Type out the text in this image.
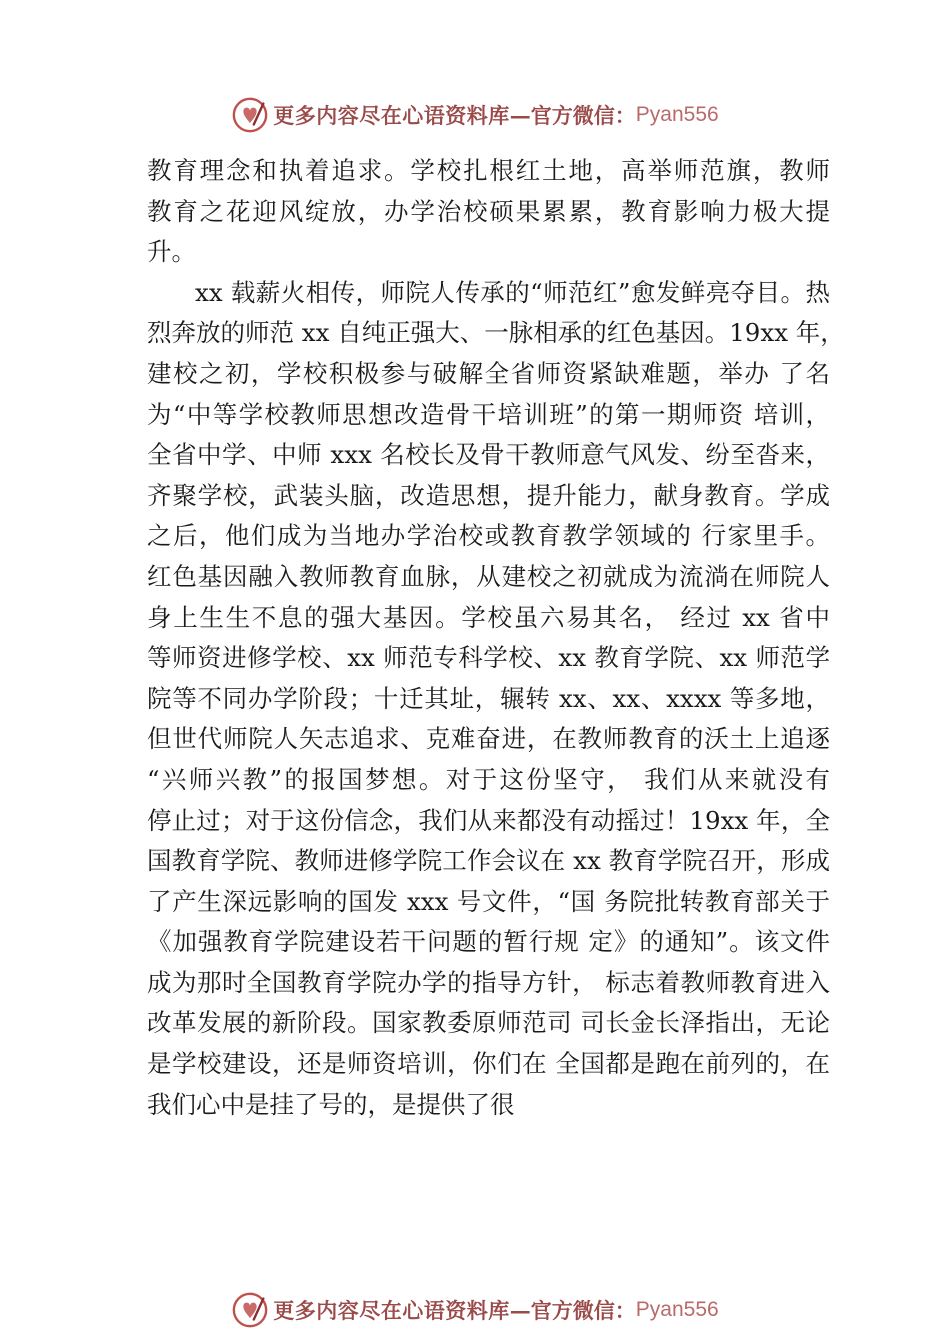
更多内容尽在心语资料库 —官方微信： Pyan556
教育理念和执着追求。学校扎根红土地，高举师范旗，教师
教育之花迎风绽放，办学治校硕果累累，教育影响力极大提
升。
xx 载薪火相传，师院人传承的“师范红”愈发鲜亮夺目。热
烈奔放的师范 xx 自纯正强大、一脉相承的红色基因。19xx 年，
建校之初，学校积极参与破解全省师资紧缺难题，举办 了名
为“中等学校教师思想改造骨干培训班”的第一期师资 培训，
全省中学、中师 xxx 名校长及骨干教师意气风发、纷至沓来，
齐聚学校，武装头脑，改造思想，提升能力，献身教育。学成
之后，他们成为当地办学治校或教育教学领域的 行家里手。
红色基因融入教师教育血脉，从建校之初就成为流淌在师院人
身上生生不息的强大基因。学校虽六易其名， 经过 xx 省中
等师资进修学校、xx 师范专科学校、xx 教育学院、xx 师范学
院等不同办学阶段；十迁其址，辗转 xx、xx、xxxx 等多地，
但世代师院人矢志追求、克难奋进，在教师教育的沃土上追逐
“兴师兴教”的报国梦想。对于这份坚守， 我们从来就没有
停止过；对于这份信念，我们从来都没有动摇过！19xx 年，全
国教育学院、教师进修学院工作会议在 xx 教育学院召开，形成
了产生深远影响的国发 xxx 号文件，“国 务院批转教育部关于
《加强教育学院建设若干问题的暂行规 定》的通知”。该文件
成为那时全国教育学院办学的指导方针， 标志着教师教育进入
改革发展的新阶段。国家教委原师范司 司长金长泽指出，无论
是学校建设，还是师资培训，你们在 全国都是跑在前列的，在
我们心中是挂了号的，是提供了很
更多内容尽在心语资料库 —官方微信： Pyan556
